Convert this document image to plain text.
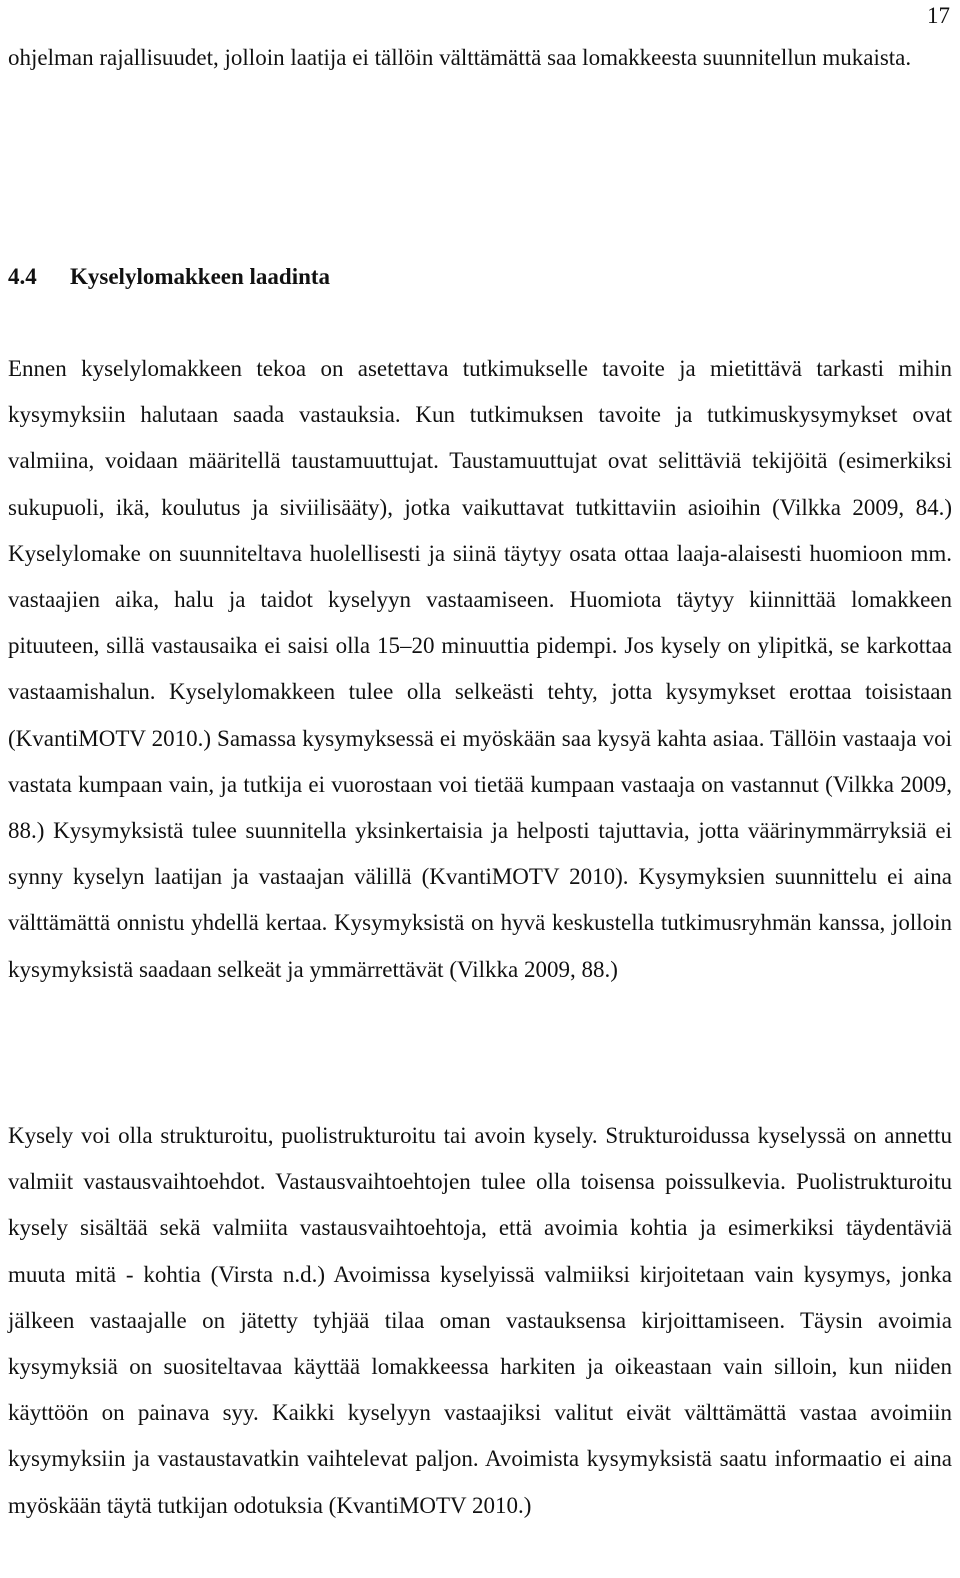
17

ohjelman rajallisuudet, jolloin laatija ei tällöin välttämättä saa lomakkeesta suunnitellun mukaista.

4.4 Kyselylomakkeen laadinta

Ennen kyselylomakkeen tekoa on asetettava tutkimukselle tavoite ja mietittävä tarkasti mihin kysymyksiin halutaan saada vastauksia. Kun tutkimuksen tavoite ja tutkimuskysymykset ovat valmiina, voidaan määritellä taustamuuttujat. Taustamuuttujat ovat selittäviä tekijöitä (esimerkiksi sukupuoli, ikä, koulutus ja siviilisääty), jotka vaikuttavat tutkittaviin asioihin (Vilkka 2009, 84.) Kyselylomake on suunniteltava huolellisesti ja siinä täytyy osata ottaa laaja-alaisesti huomioon mm. vastaajien aika, halu ja taidot kyselyyn vastaamiseen. Huomiota täytyy kiinnittää lomakkeen pituuteen, sillä vastausaika ei saisi olla 15–20 minuuttia pidempi. Jos kysely on ylipitkä, se karkottaa vastaamishalun. Kyselylomakkeen tulee olla selkeästi tehty, jotta kysymykset erottaa toisistaan (KvantiMOTV 2010.) Samassa kysymyksessä ei myöskään saa kysyä kahta asiaa. Tällöin vastaaja voi vastata kumpaan vain, ja tutkija ei vuorostaan voi tietää kumpaan vastaaja on vastannut (Vilkka 2009, 88.) Kysymyksistä tulee suunnitella yksinkertaisia ja helposti tajuttavia, jotta väärinymmärryksiä ei synny kyselyn laatijan ja vastaajan välillä (KvantiMOTV 2010). Kysymyksien suunnittelu ei aina välttämättä onnistu yhdellä kertaa. Kysymyksistä on hyvä keskustella tutkimusryhmän kanssa, jolloin kysymyksistä saadaan selkeät ja ymmärrettävät (Vilkka 2009, 88.)

Kysely voi olla strukturoitu, puolistrukturoitu tai avoin kysely. Strukturoidussa kyselyssä on annettu valmiit vastausvaihtoehdot. Vastausvaihtoehtojen tulee olla toisensa poissulkevia. Puolistrukturoitu kysely sisältää sekä valmiita vastausvaihtoehtoja, että avoimia kohtia ja esimerkiksi täydentäviä muuta mitä - kohtia (Virsta n.d.) Avoimissa kyselyissä valmiiksi kirjoitetaan vain kysymys, jonka jälkeen vastaajalle on jätetty tyhjää tilaa oman vastauksensa kirjoittamiseen. Täysin avoimia kysymyksiä on suositeltavaa käyttää lomakkeessa harkiten ja oikeastaan vain silloin, kun niiden käyttöön on painava syy. Kaikki kyselyyn vastaajiksi valitut eivät välttämättä vastaa avoimiin kysymyksiin ja vastaustavatkin vaihtelevat paljon. Avoimista kysymyksistä saatu informaatio ei aina myöskään täytä tutkijan odotuksia (KvantiMOTV 2010.)
